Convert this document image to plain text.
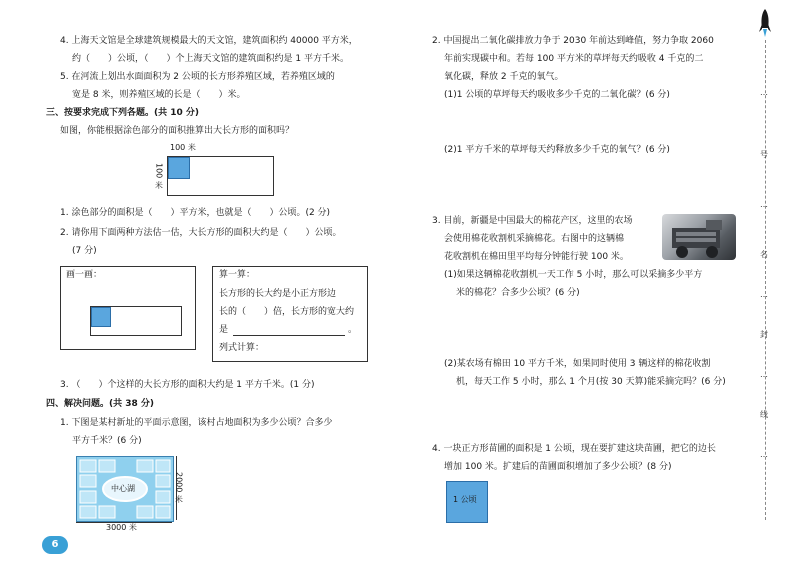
4. 上海天文馆是全球建筑规模最大的天文馆，建筑面积约 40000 平方米，
约（　　）公顷，（　　）个上海天文馆的建筑面积约是 1 平方千米。
5. 在河流上划出水面面积为 2 公顷的长方形养殖区域，若养殖区域的
宽是 8 米，则养殖区域的长是（　　）米。
三、按要求完成下列各题。(共 10 分)
如图，你能根据涂色部分的面积推算出大长方形的面积吗？
100 米
100 米
1. 涂色部分的面积是（　　）平方米，也就是（　　）公顷。(2 分)
2. 请你用下面两种方法估一估，大长方形的面积大约是（　　）公顷。
(7 分)
画一画：	算一算：
长方形的长大约是小正方形边
长的（　　）倍，长方形的宽大约
是	。
列式计算：
3. （　　）个这样的大长方形的面积大约是 1 平方千米。(1 分)
四、解决问题。(共 38 分)
1. 下图是某村新址的平面示意图，该村占地面积为多少公顷？合多少
平方千米？(6 分)
中心湖
3000 米
2000 米
6
2. 中国提出二氧化碳排放力争于 2030 年前达到峰值，努力争取 2060
年前实现碳中和。若每 100 平方米的草坪每天约吸收 4 千克的二
氧化碳，释放 2 千克的氧气。
(1)1 公顷的草坪每天约吸收多少千克的二氧化碳？(6 分)
(2)1 平方千米的草坪每天约释放多少千克的氧气？(6 分)
3. 目前，新疆是中国最大的棉花产区，这里的农场
会使用棉花收割机采摘棉花。右图中的这辆棉
花收割机在棉田里平均每分钟能行驶 100 米。
(1)如果这辆棉花收割机一天工作 5 小时，那么可以采摘多少平方
米的棉花？合多少公顷？(6 分)
(2)某农场有棉田 10 平方千米，如果同时使用 3 辆这样的棉花收割
机，每天工作 5 小时，那么 1 个月(按 30 天算)能采摘完吗？(6 分)
4. 一块正方形苗圃的面积是 1 公顷，现在要扩建这块苗圃，把它的边长
增加 100 米。扩建后的苗圃面积增加了多少公顷？(8 分)
1 公顷
…
号
…
名
…
封
…
线
…
